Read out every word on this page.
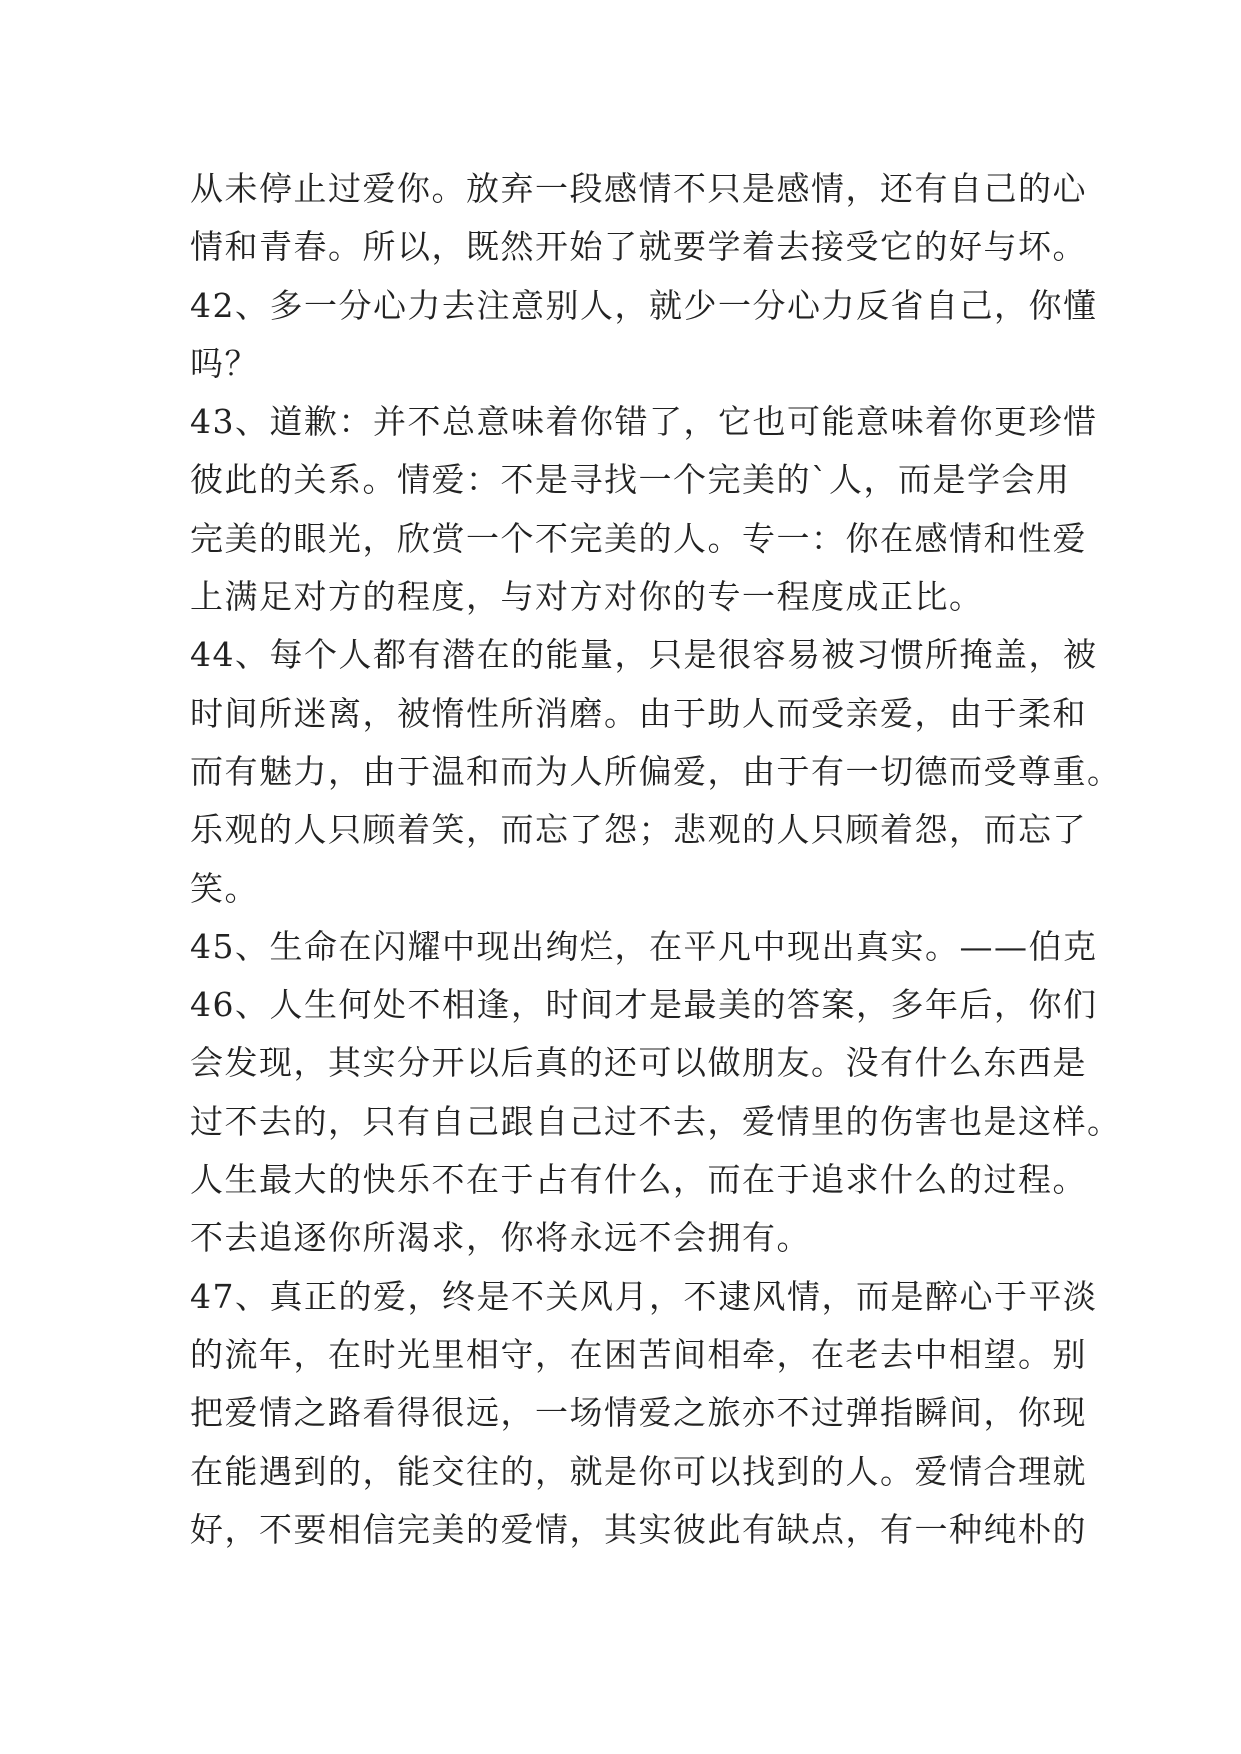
从未停止过爱你。放弃一段感情不只是感情，还有自己的心
情和青春。所以，既然开始了就要学着去接受它的好与坏。
42、多一分心力去注意别人，就少一分心力反省自己，你懂
吗？
43、道歉：并不总意味着你错了，它也可能意味着你更珍惜
彼此的关系。情爱：不是寻找一个完美的`人，而是学会用
完美的眼光，欣赏一个不完美的人。专一：你在感情和性爱
上满足对方的程度，与对方对你的专一程度成正比。
44、每个人都有潜在的能量，只是很容易被习惯所掩盖，被
时间所迷离，被惰性所消磨。由于助人而受亲爱，由于柔和
而有魅力，由于温和而为人所偏爱，由于有一切德而受尊重。
乐观的人只顾着笑，而忘了怨；悲观的人只顾着怨，而忘了
笑。
45、生命在闪耀中现出绚烂，在平凡中现出真实。——伯克
46、人生何处不相逢，时间才是最美的答案，多年后，你们
会发现，其实分开以后真的还可以做朋友。没有什么东西是
过不去的，只有自己跟自己过不去，爱情里的伤害也是这样。
人生最大的快乐不在于占有什么，而在于追求什么的过程。
不去追逐你所渴求，你将永远不会拥有。
47、真正的爱，终是不关风月，不逮风情，而是醉心于平淡
的流年，在时光里相守，在困苦间相牵，在老去中相望。别
把爱情之路看得很远，一场情爱之旅亦不过弹指瞬间，你现
在能遇到的，能交往的，就是你可以找到的人。爱情合理就
好，不要相信完美的爱情，其实彼此有缺点，有一种纯朴的
